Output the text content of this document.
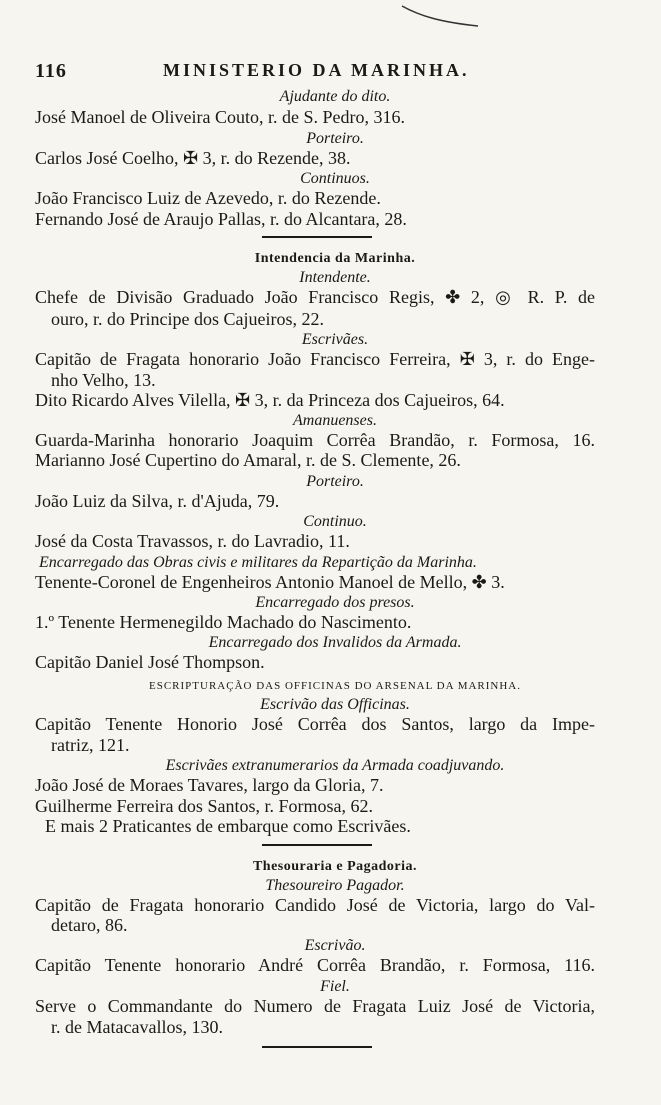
116	MINISTERIO DA MARINHA.
Ajudante do dito.
José Manoel de Oliveira Couto, r. de S. Pedro, 316.
Porteiro.
Carlos José Coelho, ✠ 3, r. do Rezende, 38.
Continuos.
João Francisco Luiz de Azevedo, r. do Rezende.
Fernando José de Araujo Pallas, r. do Alcantara, 28.
Intendencia da Marinha.
Intendente.
Chefe de Divisão Graduado João Francisco Regis, ✤ 2, ◎ R. P. de
ouro, r. do Principe dos Cajueiros, 22.
Escrivães.
Capitão de Fragata honorario João Francisco Ferreira, ✠ 3, r. do Enge-
nho Velho, 13.
Dito Ricardo Alves Vilella, ✠ 3, r. da Princeza dos Cajueiros, 64.
Amanuenses.
Guarda-Marinha honorario Joaquim Corrêa Brandão, r. Formosa, 16.
Marianno José Cupertino do Amaral, r. de S. Clemente, 26.
Porteiro.
João Luiz da Silva, r. d'Ajuda, 79.
Continuo.
José da Costa Travassos, r. do Lavradio, 11.
Encarregado das Obras civis e militares da Repartição da Marinha.
Tenente-Coronel de Engenheiros Antonio Manoel de Mello, ✤ 3.
Encarregado dos presos.
1.º Tenente Hermenegildo Machado do Nascimento.
Encarregado dos Invalidos da Armada.
Capitão Daniel José Thompson.
ESCRIPTURAÇÃO DAS OFFICINAS DO ARSENAL DA MARINHA.
Escrivão das Officinas.
Capitão Tenente Honorio José Corrêa dos Santos, largo da Impe-
ratriz, 121.
Escrivães extranumerarios da Armada coadjuvando.
João José de Moraes Tavares, largo da Gloria, 7.
Guilherme Ferreira dos Santos, r. Formosa, 62.
E mais 2 Praticantes de embarque como Escrivães.
Thesouraria e Pagadoria.
Thesoureiro Pagador.
Capitão de Fragata honorario Candido José de Victoria, largo do Val-
detaro, 86.
Escrivão.
Capitão Tenente honorario André Corrêa Brandão, r. Formosa, 116.
Fiel.
Serve o Commandante do Numero de Fragata Luiz José de Victoria,
r. de Matacavallos, 130.
